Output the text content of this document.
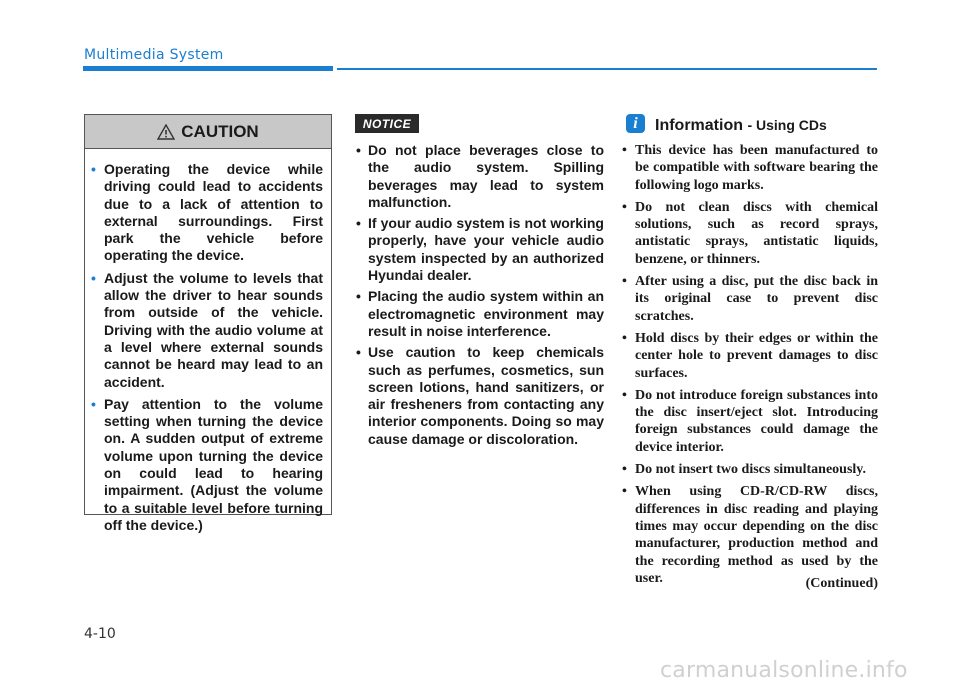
Multimedia System
CAUTION
• Operating the device while driving could lead to accidents due to a lack of attention to external surroundings. First park the vehicle before operating the device.
• Adjust the volume to levels that allow the driver to hear sounds from outside of the vehicle. Driving with the audio volume at a level where external sounds cannot be heard may lead to an accident.
• Pay attention to the volume setting when turning the device on. A sudden output of extreme volume upon turning the device on could lead to hearing impairment. (Adjust the volume to a suitable level before turning off the device.)
NOTICE
• Do not place beverages close to the audio system. Spilling beverages may lead to system malfunction.
• If your audio system is not working properly, have your vehicle audio system inspected by an authorized Hyundai dealer.
• Placing the audio system within an electromagnetic environment may result in noise interference.
• Use caution to keep chemicals such as perfumes, cosmetics, sun screen lotions, hand sanitizers, or air fresheners from contacting any interior components. Doing so may cause damage or discoloration.
i	Information - Using CDs
• This device has been manufactured to be compatible with software bearing the following logo marks.
• Do not clean discs with chemical solutions, such as record sprays, antistatic sprays, antistatic liquids, benzene, or thinners.
• After using a disc, put the disc back in its original case to prevent disc scratches.
• Hold discs by their edges or within the center hole to prevent damages to disc surfaces.
• Do not introduce foreign substances into the disc insert/eject slot. Introducing foreign substances could damage the device interior.
• Do not insert two discs simultaneously.
• When using CD-R/CD-RW discs, differences in disc reading and playing times may occur depending on the disc manufacturer, production method and the recording method as used by the user.	(Continued)
4-10
carmanualsonline.info
